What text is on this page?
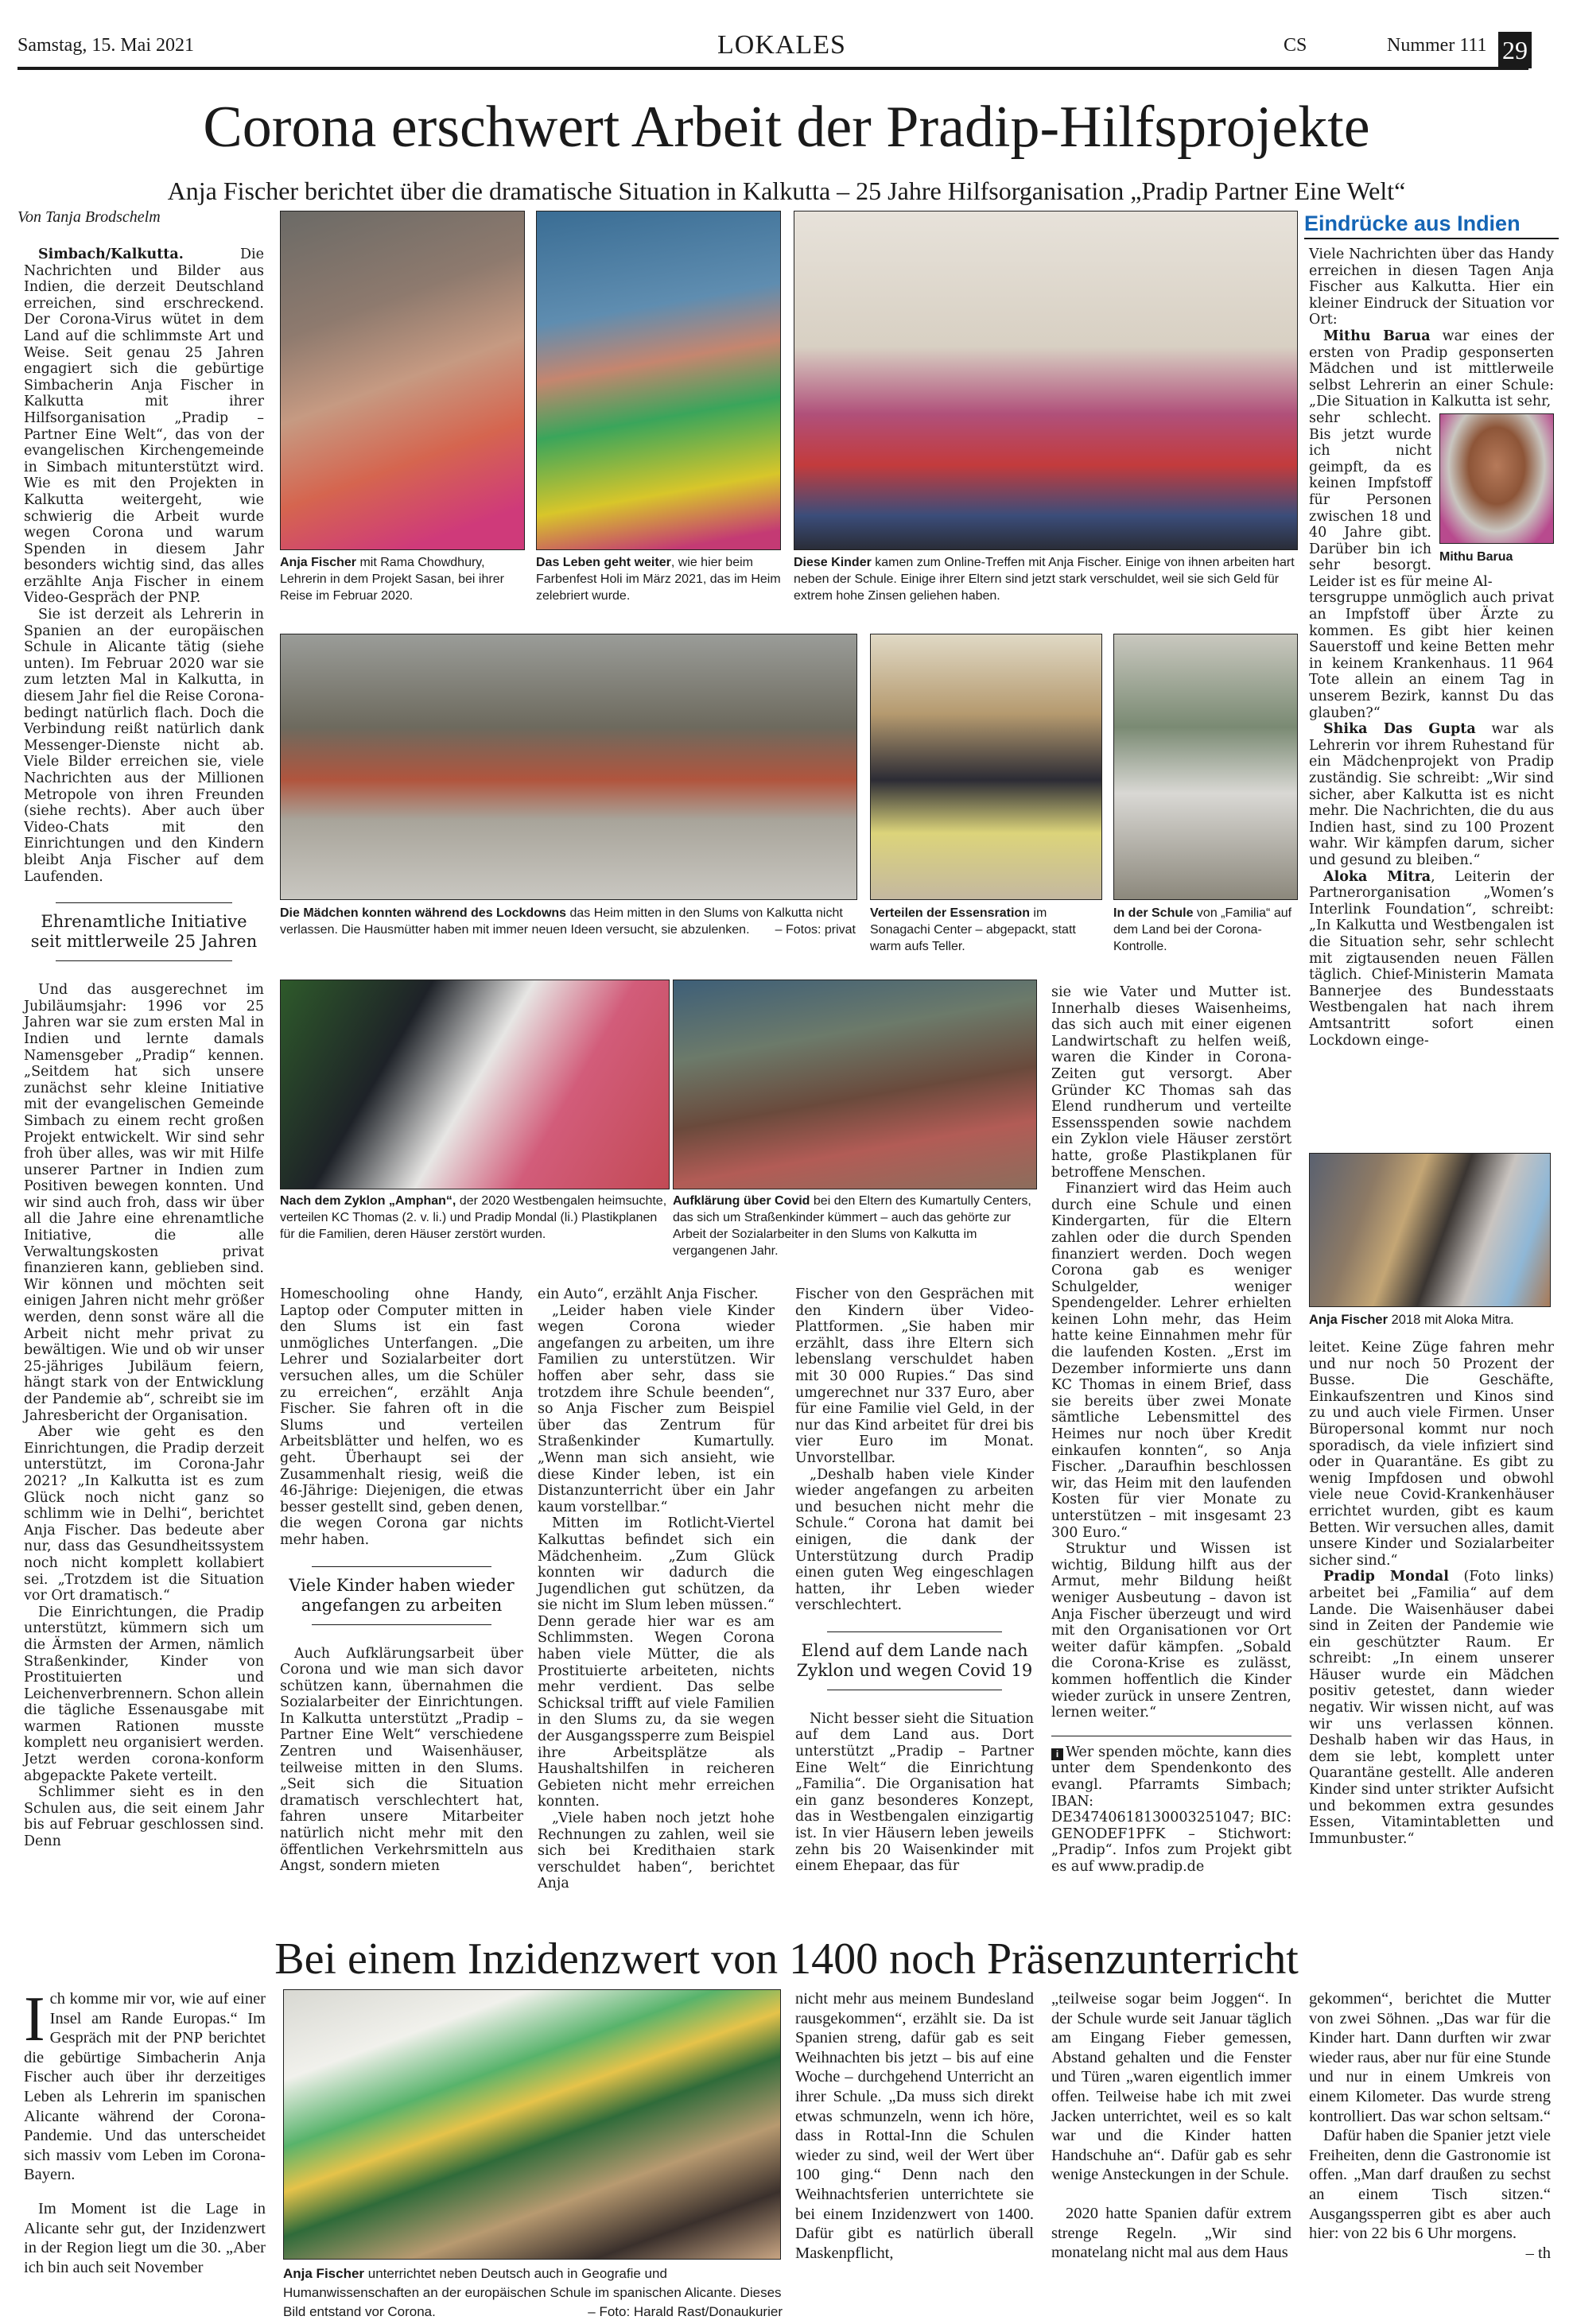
Samstag, 15. Mai 2021	LOKALES	CS	Nummer 111 29
Corona erschwert Arbeit der Pradip-Hilfsprojekte
Anja Fischer berichtet über die dramatische Situation in Kalkutta – 25 Jahre Hilfsorganisation „Pradip Partner Eine Welt“
Von Tanja Brodschelm

Simbach/Kalkutta.	Die Nachrichten und Bilder aus Indien, die derzeit Deutschland erreichen, sind erschreckend. Der Corona-Virus wütet in dem Land auf die schlimmste Art und Weise. Seit genau 25 Jahren engagiert sich die gebürtige Simbacherin Anja Fischer in Kalkutta mit ihrer Hilfsorganisation „Pradip – Partner Eine Welt“, das von der evangelischen Kirchengemeinde in Simbach mitunterstützt wird. Wie es mit den Projekten in Kalkutta weitergeht, wie schwierig die Arbeit wurde wegen Corona und warum Spenden in diesem Jahr besonders wichtig sind, das alles erzählte Anja Fischer in einem Video-Gespräch der PNP.

Sie ist derzeit als Lehrerin in Spanien an der europäischen Schule in Alicante tätig (siehe unten). Im Februar 2020 war sie zum letzten Mal in Kalkutta, in diesem Jahr fiel die Reise Corona-bedingt natürlich flach. Doch die Verbindung reißt natürlich dank Messenger-Dienste nicht ab. Viele Bilder erreichen sie, viele Nachrichten aus der Millionen Metropole von ihren Freunden (siehe rechts). Aber auch über Video-Chats mit den Einrichtungen und den Kindern bleibt Anja Fischer auf dem Laufenden.

Ehrenamtliche Initiative seit mittlerweile 25 Jahren

Und das ausgerechnet im Jubiläumsjahr: 1996 vor 25 Jahren war sie zum ersten Mal in Indien und lernte damals Namensgeber „Pradip“ kennen. „Seitdem hat sich unsere zunächst sehr kleine Initiative mit der evangelischen Gemeinde Simbach zu einem recht großen Projekt entwickelt. Wir sind sehr froh über alles, was wir mit Hilfe unserer Partner in Indien zum Positiven bewegen konnten. Und wir sind auch froh, dass wir über all die Jahre eine ehrenamtliche Initiative, die alle Verwaltungskosten privat finanzieren kann, geblieben sind. Wir können und möchten seit einigen Jahren nicht mehr größer werden, denn sonst wäre all die Arbeit nicht mehr privat zu bewältigen. Wie und ob wir unser 25-jähriges Jubiläum feiern, hängt stark von der Entwicklung der Pandemie ab“, schreibt sie im Jahresbericht der Organisation.

Aber wie geht es den Einrichtungen, die Pradip derzeit unterstützt, im Corona-Jahr 2021? „In Kalkutta ist es zum Glück noch nicht ganz so schlimm wie in Delhi“, berichtet Anja Fischer. Das bedeute aber nur, dass das Gesundheitssystem noch nicht komplett kollabiert sei. „Trotzdem ist die Situation vor Ort dramatisch.“

Die Einrichtungen, die Pradip unterstützt, kümmern sich um die Ärmsten der Armen, nämlich Straßenkinder, Kinder von Prostituierten und Leichenverbrennern. Schon allein die tägliche Essenausgabe mit warmen Rationen musste komplett neu organisiert werden. Jetzt werden corona-konform abgepackte Pakete verteilt.

Schlimmer sieht es in den Schulen aus, die seit einem Jahr bis auf Februar geschlossen sind. Denn

Anja Fischer mit Rama Chowdhury, Lehrerin in dem Projekt Sasan, bei ihrer Reise im Februar 2020.
Das Leben geht weiter, wie hier beim Farbenfest Holi im März 2021, das im Heim zelebriert wurde.
Diese Kinder kamen zum Online-Treffen mit Anja Fischer. Einige von ihnen arbeiten hart neben der Schule. Einige ihrer Eltern sind jetzt stark verschuldet, weil sie sich Geld für extrem hohe Zinsen geliehen haben.
Die Mädchen konnten während des Lockdowns das Heim mitten in den Slums von Kalkutta nicht verlassen. Die Hausmütter haben mit immer neuen Ideen versucht, sie abzulenken. – Fotos: privat
Verteilen der Essensration im Sonagachi Center – abgepackt, statt warm aufs Teller.
In der Schule von „Familia“ auf dem Land bei der Corona-Kontrolle.
Nach dem Zyklon „Amphan“, der 2020 Westbengalen heimsuchte, verteilen KC Thomas (2. v. li.) und Pradip Mondal (li.) Plastikplanen für die Familien, deren Häuser zerstört wurden.
Aufklärung über Covid bei den Eltern des Kumartully Centers, das sich um Straßenkinder kümmert – auch das gehörte zur Arbeit der Sozialarbeiter in den Slums von Kalkutta im vergangenen Jahr.

Homeschooling ohne Handy, Laptop oder Computer mitten in den Slums ist ein fast unmögliches Unterfangen. „Die Lehrer und Sozialarbeiter dort versuchen alles, um die Schüler zu erreichen“, erzählt Anja Fischer. Sie fahren oft in die Slums und verteilen Arbeitsblätter und helfen, wo es geht. Überhaupt sei der Zusammenhalt riesig, weiß die 46-Jährige: Diejenigen, die etwas besser gestellt sind, geben denen, die wegen Corona gar nichts mehr haben.

Viele Kinder haben wieder angefangen zu arbeiten

Auch Aufklärungsarbeit über Corona und wie man sich davor schützen kann, übernahmen die Sozialarbeiter der Einrichtungen. In Kalkutta unterstützt „Pradip – Partner Eine Welt“ verschiedene Zentren und Waisenhäuser, teilweise mitten in den Slums. „Seit sich die Situation dramatisch verschlechtert hat, fahren unsere Mitarbeiter natürlich nicht mehr mit den öffentlichen Verkehrsmitteln aus Angst, sondern mieten

ein Auto“, erzählt Anja Fischer.

„Leider haben viele Kinder wegen Corona wieder angefangen zu arbeiten, um ihre Familien zu unterstützen. Wir hoffen aber sehr, dass sie trotzdem ihre Schule beenden“, so Anja Fischer zum Beispiel über das Zentrum für Straßenkinder Kumartully. „Wenn man sich ansieht, wie diese Kinder leben, ist ein Distanzunterricht über ein Jahr kaum vorstellbar.“

Mitten im Rotlicht-Viertel Kalkuttas befindet sich ein Mädchenheim. „Zum Glück konnten wir dadurch die Jugendlichen gut schützen, da sie nicht im Slum leben müssen.“ Denn gerade hier war es am Schlimmsten. Wegen Corona haben viele Mütter, die als Prostituierte arbeiteten, nichts mehr verdient. Das selbe Schicksal trifft auf viele Familien in den Slums zu, da sie wegen der Ausgangssperre zum Beispiel ihre Arbeitsplätze als Haushaltshilfen in reicheren Gebieten nicht mehr erreichen konnten.

„Viele haben noch jetzt hohe Rechnungen zu zahlen, weil sie sich bei Kredithaien stark verschuldet haben“, berichtet Anja

Fischer von den Gesprächen mit den Kindern über Video-Plattformen. „Sie haben mir erzählt, dass ihre Eltern sich lebenslang verschuldet haben mit 30 000 Rupies.“ Das sind umgerechnet nur 337 Euro, aber für eine Familie viel Geld, in der nur das Kind arbeitet für drei bis vier Euro im Monat. Unvorstellbar.

„Deshalb haben viele Kinder wieder angefangen zu arbeiten und besuchen nicht mehr die Schule.“ Corona hat damit bei einigen, die dank der Unterstützung durch Pradip einen guten Weg eingeschlagen hatten, ihr Leben wieder verschlechtert.

Elend auf dem Lande nach Zyklon und wegen Covid 19

Nicht besser sieht die Situation auf dem Land aus. Dort unterstützt „Pradip – Partner Eine Welt“ die Einrichtung „Familia“. Die Organisation hat ein ganz besonderes Konzept, das in Westbengalen einzigartig ist. In vier Häusern leben jeweils zehn bis 20 Waisenkinder mit einem Ehepaar, das für

sie wie Vater und Mutter ist. Innerhalb dieses Waisenheims, das sich auch mit einer eigenen Landwirtschaft zu helfen weiß, waren die Kinder in Corona-Zeiten gut versorgt. Aber Gründer KC Thomas sah das Elend rundherum und verteilte Essensspenden sowie nachdem ein Zyklon viele Häuser zerstört hatte, große Plastikplanen für betroffene Menschen.

Finanziert wird das Heim auch durch eine Schule und einen Kindergarten, für die Eltern zahlen oder die durch Spenden finanziert werden. Doch wegen Corona gab es weniger Schulgelder, weniger Spendengelder. Lehrer erhielten keinen Lohn mehr, das Heim hatte keine Einnahmen mehr für die laufenden Kosten. „Erst im Dezember informierte uns dann KC Thomas in einem Brief, dass sie bereits über zwei Monate sämtliche Lebensmittel des Heimes nur noch über Kredit einkaufen konnten“, so Anja Fischer. „Daraufhin beschlossen wir, das Heim mit den laufenden Kosten für vier Monate zu unterstützen – mit insgesamt 23 300 Euro.“

Struktur und Wissen ist wichtig, Bildung hilft aus der Armut, mehr Bildung heißt weniger Ausbeutung – davon ist Anja Fischer überzeugt und wird mit den Organisationen vor Ort weiter dafür kämpfen. „Sobald die Corona-Krise es zulässt, kommen hoffentlich die Kinder wieder zurück in unsere Zentren, lernen weiter.“

i Wer spenden möchte, kann dies unter dem Spendenkonto des evangl. Pfarramts Simbach; IBAN: DE34740618130003251047; BIC: GENODEF1PFK – Stichwort: „Pradip“. Infos zum Projekt gibt es auf www.pradip.de

Eindrücke aus Indien

Viele Nachrichten über das Handy erreichen in diesen Tagen Anja Fischer aus Kalkutta. Hier ein kleiner Eindruck der Situation vor Ort:

Mithu Barua war eines der ersten von Pradip gesponserten Mädchen und ist mittlerweile selbst Lehrerin an einer Schule: „Die Situation in Kalkutta ist sehr,

Mithu Barua

sehr schlecht. Bis jetzt wurde ich nicht geimpft, da es keinen Impfstoff für Personen zwischen 18 und 40 Jahre gibt. Darüber bin ich sehr besorgt. Leider ist es für meine Al-

tersgruppe unmöglich auch privat an Impfstoff über Ärzte zu kommen. Es gibt hier keinen Sauerstoff und keine Betten mehr in keinem Krankenhaus. 11 964 Tote allein an einem Tag in unserem Bezirk, kannst Du das glauben?“

Shika Das Gupta war als Lehrerin vor ihrem Ruhestand für ein Mädchenprojekt von Pradip zuständig. Sie schreibt: „Wir sind sicher, aber Kalkutta ist es nicht mehr. Die Nachrichten, die du aus Indien hast, sind zu 100 Prozent wahr. Wir kämpfen darum, sicher und gesund zu bleiben.“

Aloka Mitra, Leiterin der Partnerorganisation „Women’s Interlink Foundation“, schreibt: „In Kalkutta und Westbengalen ist die Situation sehr, sehr schlecht mit zigtausenden neuen Fällen täglich. Chief-Ministerin Mamata Bannerjee des Bundesstaats Westbengalen hat nach ihrem Amtsantritt sofort einen Lockdown einge-

Anja Fischer 2018 mit Aloka Mitra.

leitet. Keine Züge fahren mehr und nur noch 50 Prozent der Busse. Die Geschäfte, Einkaufszentren und Kinos sind zu und auch viele Firmen. Unser Büropersonal kommt nur noch sporadisch, da viele infiziert sind oder in Quarantäne. Es gibt zu wenig Impfdosen und obwohl viele neue Covid-Krankenhäuser errichtet wurden, gibt es kaum Betten. Wir versuchen alles, damit unsere Kinder und Sozialarbeiter sicher sind.“

Pradip Mondal (Foto links) arbeitet bei „Familia“ auf dem Lande. Die Waisenhäuser dabei sind in Zeiten der Pandemie wie ein geschützter Raum. Er schreibt: „In einem unserer Häuser wurde ein Mädchen positiv getestet, dann wieder negativ. Wir wissen nicht, auf was wir uns verlassen können. Deshalb haben wir das Haus, in dem sie lebt, komplett unter Quarantäne gestellt. Alle anderen Kinder sind unter strikter Aufsicht und bekommen extra gesundes Essen, Vitamintabletten und Immunbuster.“

Bei einem Inzidenzwert von 1400 noch Präsenzunterricht

Ich komme mir vor, wie auf einer Insel am Rande Europas.“ Im Gespräch mit der PNP berichtet die gebürtige Simbacherin Anja Fischer auch über ihr derzeitiges Leben als Lehrerin im spanischen Alicante während der Corona-Pandemie. Und das unterscheidet sich massiv vom Leben im Corona-Bayern.

Im Moment ist die Lage in Alicante sehr gut, der Inzidenzwert in der Region liegt um die 30. „Aber ich bin auch seit November	Anja Fischer unterrichtet neben Deutsch auch in Geografie und Humanwissenschaften an der europäischen Schule im spanischen Alicante. Dieses Bild entstand vor Corona.	– Foto: Harald Rast/Donaukurier

nicht mehr aus meinem Bundesland rausgekommen“, erzählt sie. Da ist Spanien streng, dafür gab es seit Weihnachten bis jetzt – bis auf eine Woche – durchgehend Unterricht an ihrer Schule. „Da muss sich direkt etwas schmunzeln, wenn ich höre, dass in Rottal-Inn die Schulen wieder zu sind, weil der Wert über 100 ging.“ Denn nach den Weihnachtsferien unterrichtete sie bei einem Inzidenzwert von 1400. Dafür gibt es natürlich überall Maskenpflicht,

„teilweise sogar beim Joggen“. In der Schule wurde seit Januar täglich am Eingang Fieber gemessen, Abstand gehalten und die Fenster und Türen „waren eigentlich immer offen. Teilweise habe ich mit zwei Jacken unterrichtet, weil es so kalt war und die Kinder hatten Handschuhe an“. Dafür gab es sehr wenige Ansteckungen in der Schule.

2020 hatte Spanien dafür extrem strenge Regeln. „Wir sind monatelang nicht mal aus dem Haus

gekommen“, berichtet die Mutter von zwei Söhnen. „Das war für die Kinder hart. Dann durften wir zwar wieder raus, aber nur für eine Stunde und nur in einem Umkreis von einem Kilometer. Das wurde streng kontrolliert. Das war schon seltsam.“

Dafür haben die Spanier jetzt viele Freiheiten, denn die Gastronomie ist offen. „Man darf draußen zu sechst an einem Tisch sitzen.“ Ausgangssperren gibt es aber auch hier: von 22 bis 6 Uhr morgens.
– th
